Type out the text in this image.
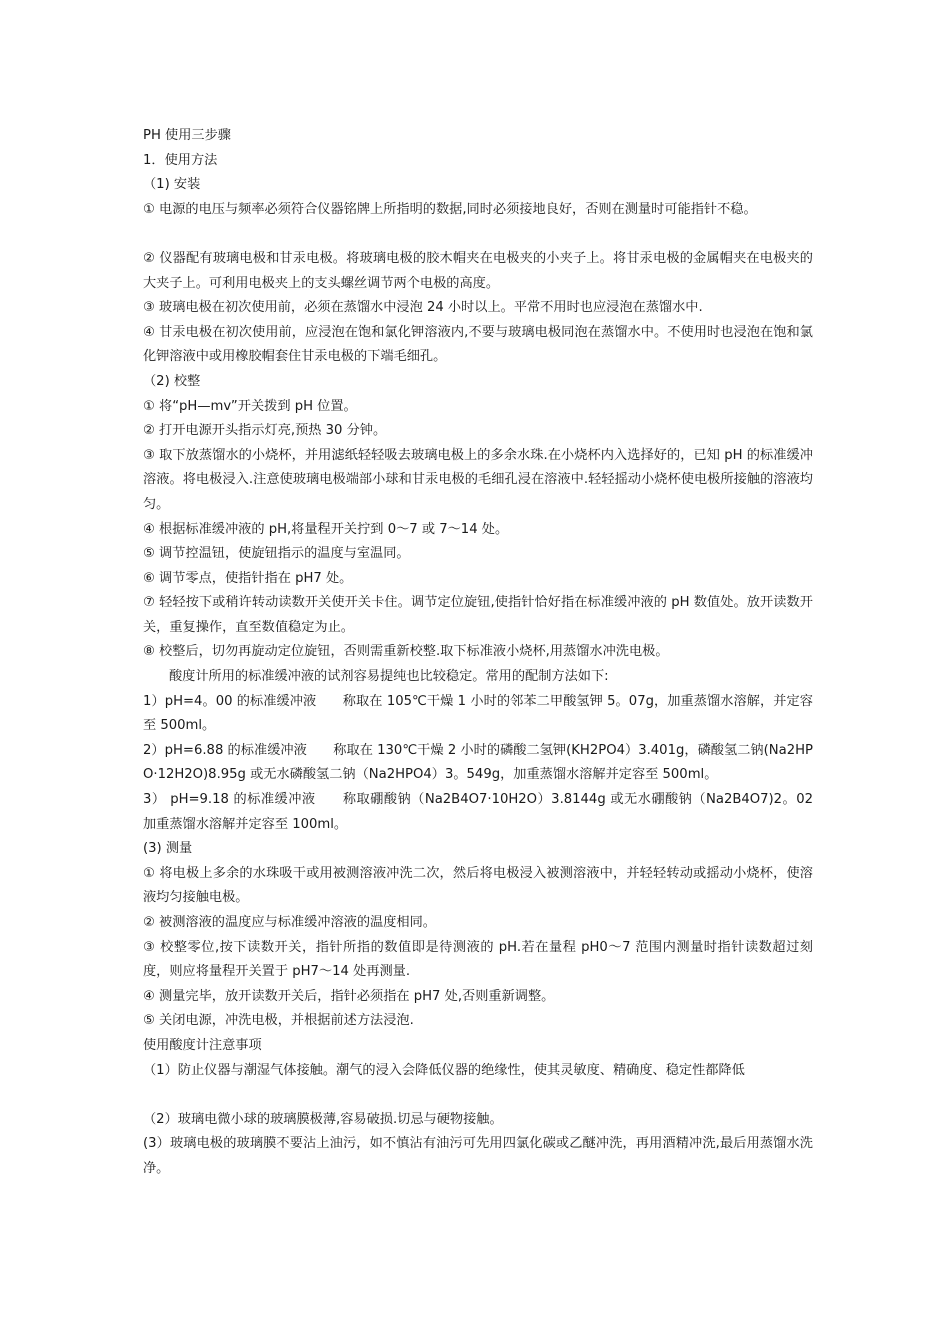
PH 使用三步骤
1．使用方法
（1) 安装
① 电源的电压与频率必须符合仪器铭牌上所指明的数据,同时必须接地良好，否则在测量时可能指针不稳。
② 仪器配有玻璃电极和甘汞电极。将玻璃电极的胶木帽夹在电极夹的小夹子上。将甘汞电极的金属帽夹在电极夹的大夹子上。可利用电极夹上的支头螺丝调节两个电极的高度。
③ 玻璃电极在初次使用前，必须在蒸馏水中浸泡 24 小时以上。平常不用时也应浸泡在蒸馏水中.
④ 甘汞电极在初次使用前，应浸泡在饱和氯化钾溶液内,不要与玻璃电极同泡在蒸馏水中。不使用时也浸泡在饱和氯化钾溶液中或用橡胶帽套住甘汞电极的下端毛细孔。
（2) 校整
① 将“pH—mv”开关拨到 pH 位置。
② 打开电源开头指示灯亮,预热 30 分钟。
③ 取下放蒸馏水的小烧杯，并用滤纸轻轻吸去玻璃电极上的多余水珠.在小烧杯内入选择好的，已知 pH 的标准缓冲溶液。将电极浸入.注意使玻璃电极端部小球和甘汞电极的毛细孔浸在溶液中.轻轻摇动小烧杯使电极所接触的溶液均匀。
④ 根据标准缓冲液的 pH,将量程开关拧到 0～7 或 7～14 处。
⑤ 调节控温钮，使旋钮指示的温度与室温同。
⑥ 调节零点，使指针指在 pH7 处。
⑦ 轻轻按下或稍许转动读数开关使开关卡住。调节定位旋钮,使指针恰好指在标准缓冲液的 pH 数值处。放开读数开关，重复操作，直至数值稳定为止。
⑧ 校整后，切勿再旋动定位旋钮，否则需重新校整.取下标准液小烧杯,用蒸馏水冲洗电极。
酸度计所用的标准缓冲液的试剂容易提纯也比较稳定。常用的配制方法如下:
1）pH=4。00 的标准缓冲液　　称取在 105℃干燥 1 小时的邻苯二甲酸氢钾 5。07g，加重蒸馏水溶解，并定容至 500ml。
2）pH=6.88 的标准缓冲液　　称取在 130℃干燥 2 小时的磷酸二氢钾(KH2PO4）3.401g，磷酸氢二钠(Na2HPO·12H2O)8.95g 或无水磷酸氢二钠（Na2HPO4）3。549g，加重蒸馏水溶解并定容至 500ml。
3） pH=9.18 的标准缓冲液　　称取硼酸钠（Na2B4O7·10H2O）3.8144g 或无水硼酸钠（Na2B4O7)2。02 加重蒸馏水溶解并定容至 100ml。
(3) 测量
① 将电极上多余的水珠吸干或用被测溶液冲洗二次，然后将电极浸入被测溶液中，并轻轻转动或摇动小烧杯，使溶液均匀接触电极。
② 被测溶液的温度应与标准缓冲溶液的温度相同。
③ 校整零位,按下读数开关，指针所指的数值即是待测液的 pH.若在量程 pH0～7 范围内测量时指针读数超过刻度，则应将量程开关置于 pH7～14 处再测量.
④ 测量完毕，放开读数开关后，指针必须指在 pH7 处,否则重新调整。
⑤ 关闭电源，冲洗电极，并根据前述方法浸泡.
使用酸度计注意事项
（1）防止仪器与潮湿气体接触。潮气的浸入会降低仪器的绝缘性，使其灵敏度、精确度、稳定性都降低
（2）玻璃电微小球的玻璃膜极薄,容易破损.切忌与硬物接触。
(3）玻璃电极的玻璃膜不要沾上油污，如不慎沾有油污可先用四氯化碳或乙醚冲洗，再用酒精冲洗,最后用蒸馏水洗净。
